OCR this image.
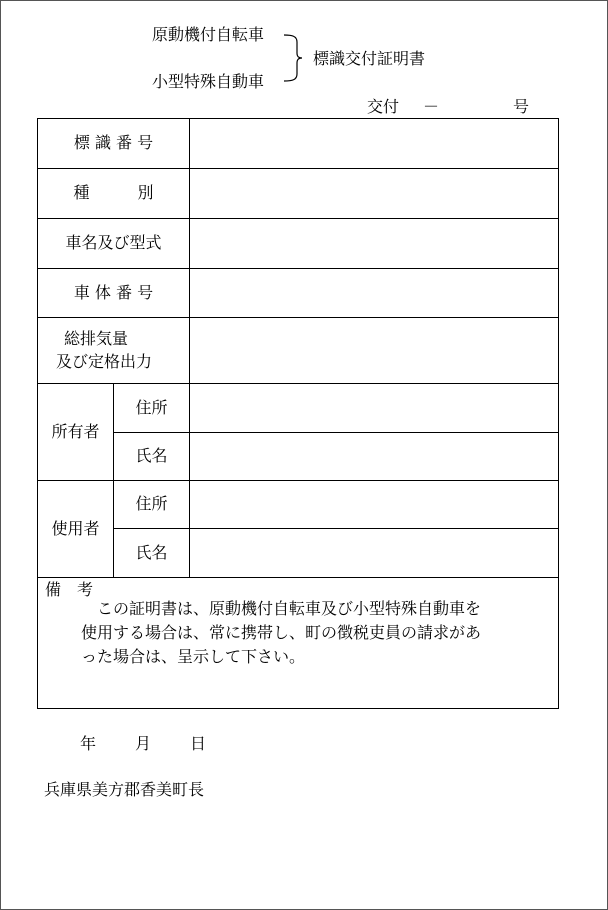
原動機付自転車
小型特殊自動車
標識交付証明書
交付 －	号
標 識 番 号		
種　　　別		
車名及び型式		
車 体 番 号		

総排気量
及び定格出力		

所有者	住所	
	氏名	
使用者	住所	
	氏名	

備　考
この証明書は、原動機付自転車及び小型特殊自動車を
使用する場合は、常に携帯し、町の徴税吏員の請求があ
った場合は、呈示して下さい。		
年 月 日
兵庫県美方郡香美町長
